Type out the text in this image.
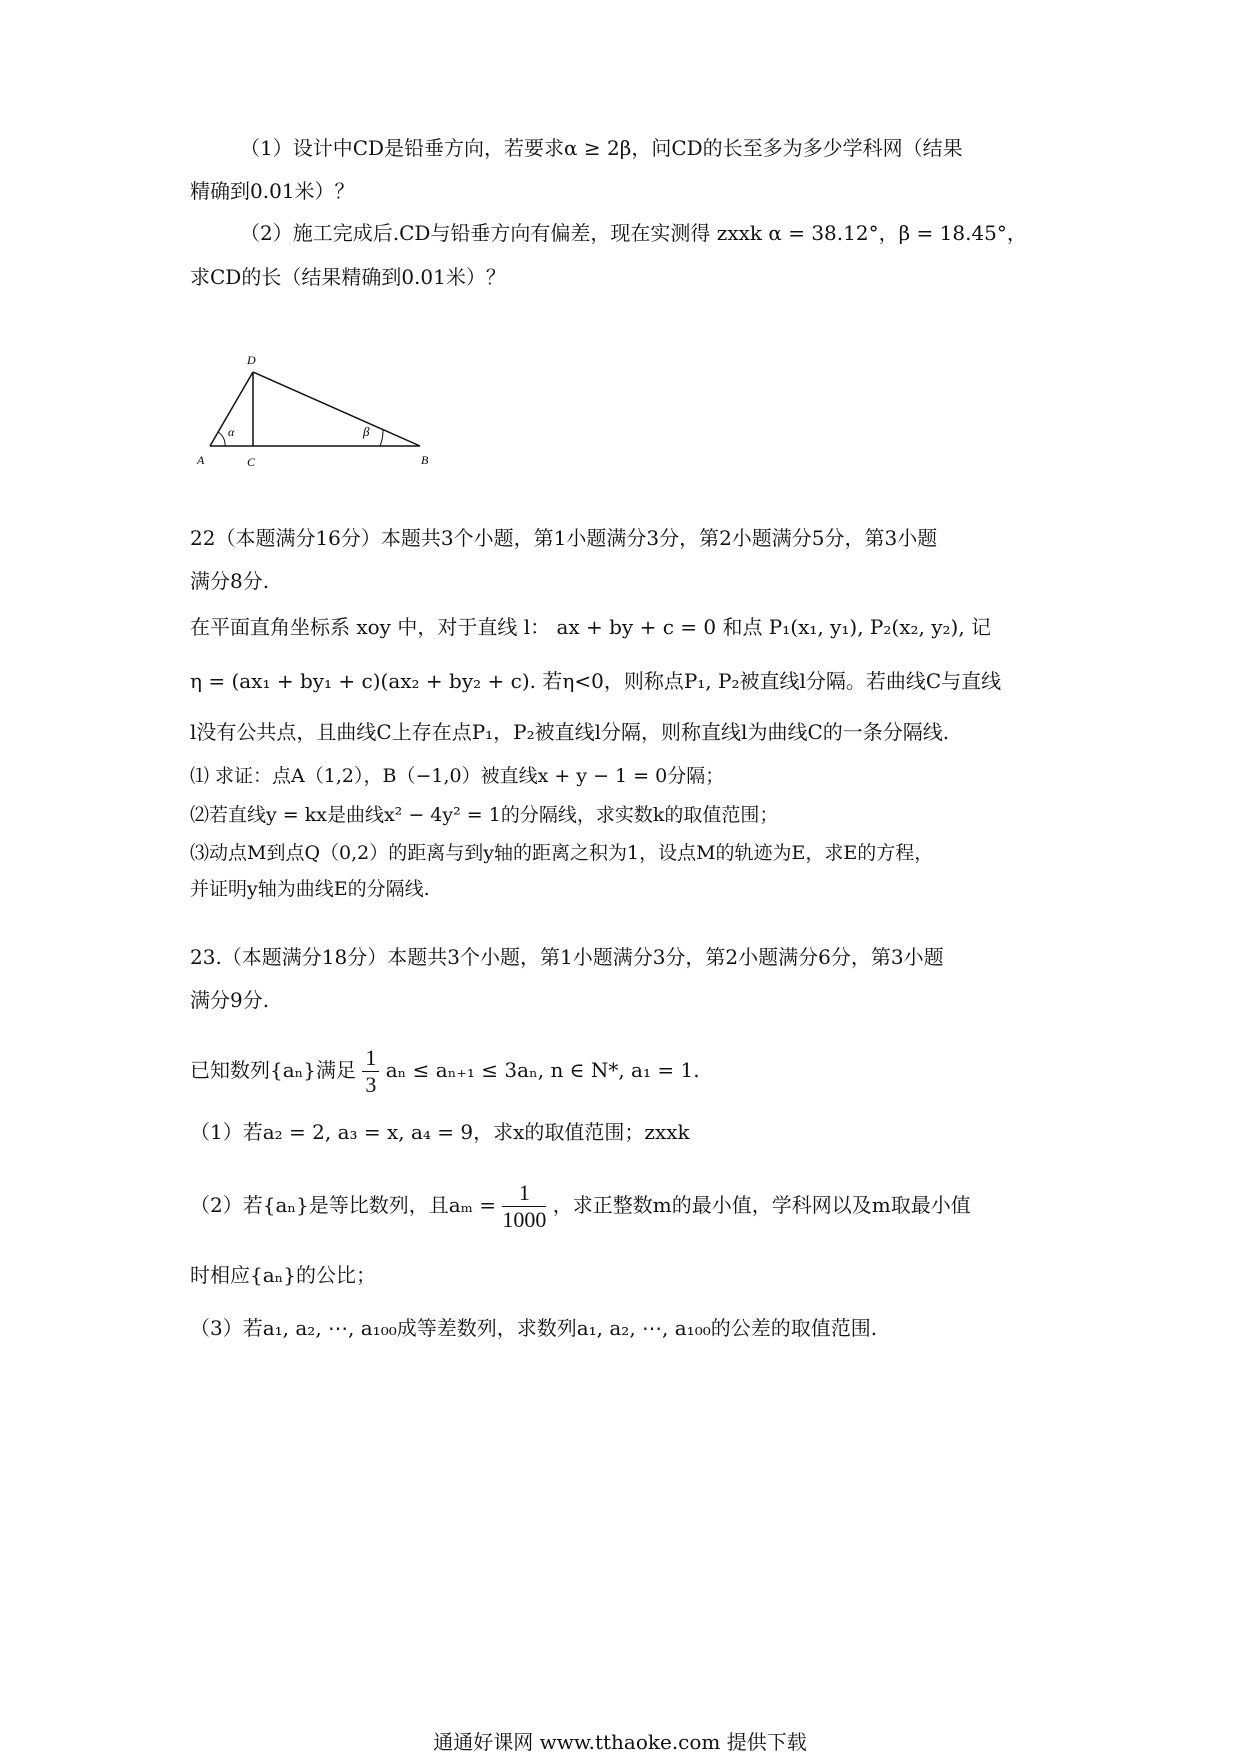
（1）设计中CD是铅垂方向，若要求α ≥ 2β，问CD的长至多为多少学科网（结果
精确到0.01米）？
（2）施工完成后.CD与铅垂方向有偏差，现在实测得 zxxk α = 38.12°，β = 18.45°，
求CD的长（结果精确到0.01米）？
D
A	C	B
α	β
22（本题满分16分）本题共3个小题，第1小题满分3分，第2小题满分5分，第3小题
满分8分.
在平面直角坐标系 xoy 中，对于直线 l： ax + by + c = 0 和点 P₁(x₁, y₁), P₂(x₂, y₂), 记
η = (ax₁ + by₁ + c)(ax₂ + by₂ + c). 若η<0，则称点P₁, P₂被直线l分隔。若曲线C与直线
l没有公共点，且曲线C上存在点P₁，P₂被直线l分隔，则称直线l为曲线C的一条分隔线.
⑴ 求证：点A（1,2），B（−1,0）被直线x + y − 1 = 0分隔；
⑵若直线y = kx是曲线x² − 4y² = 1的分隔线，求实数k的取值范围；
⑶动点M到点Q（0,2）的距离与到y轴的距离之积为1，设点M的轨迹为E，求E的方程，
并证明y轴为曲线E的分隔线.
23.（本题满分18分）本题共3个小题，第1小题满分3分，第2小题满分6分，第3小题
满分9分.
已知数列{aₙ}满足 $\frac{1}{3}$ aₙ ≤ aₙ₊₁ ≤ 3aₙ, n ∈ N*, a₁ = 1.
（1）若a₂ = 2, a₃ = x, a₄ = 9，求x的取值范围；zxxk
（2）若{aₙ}是等比数列，且$a_m = \frac{1}{1000}$ ，求正整数m的最小值，学科网以及m取最小值
时相应{aₙ}的公比；
（3）若a₁, a₂, ⋯, a₁₀₀成等差数列，求数列a₁, a₂, ⋯, a₁₀₀的公差的取值范围.
通通好课网 www.tthaoke.com 提供下载
